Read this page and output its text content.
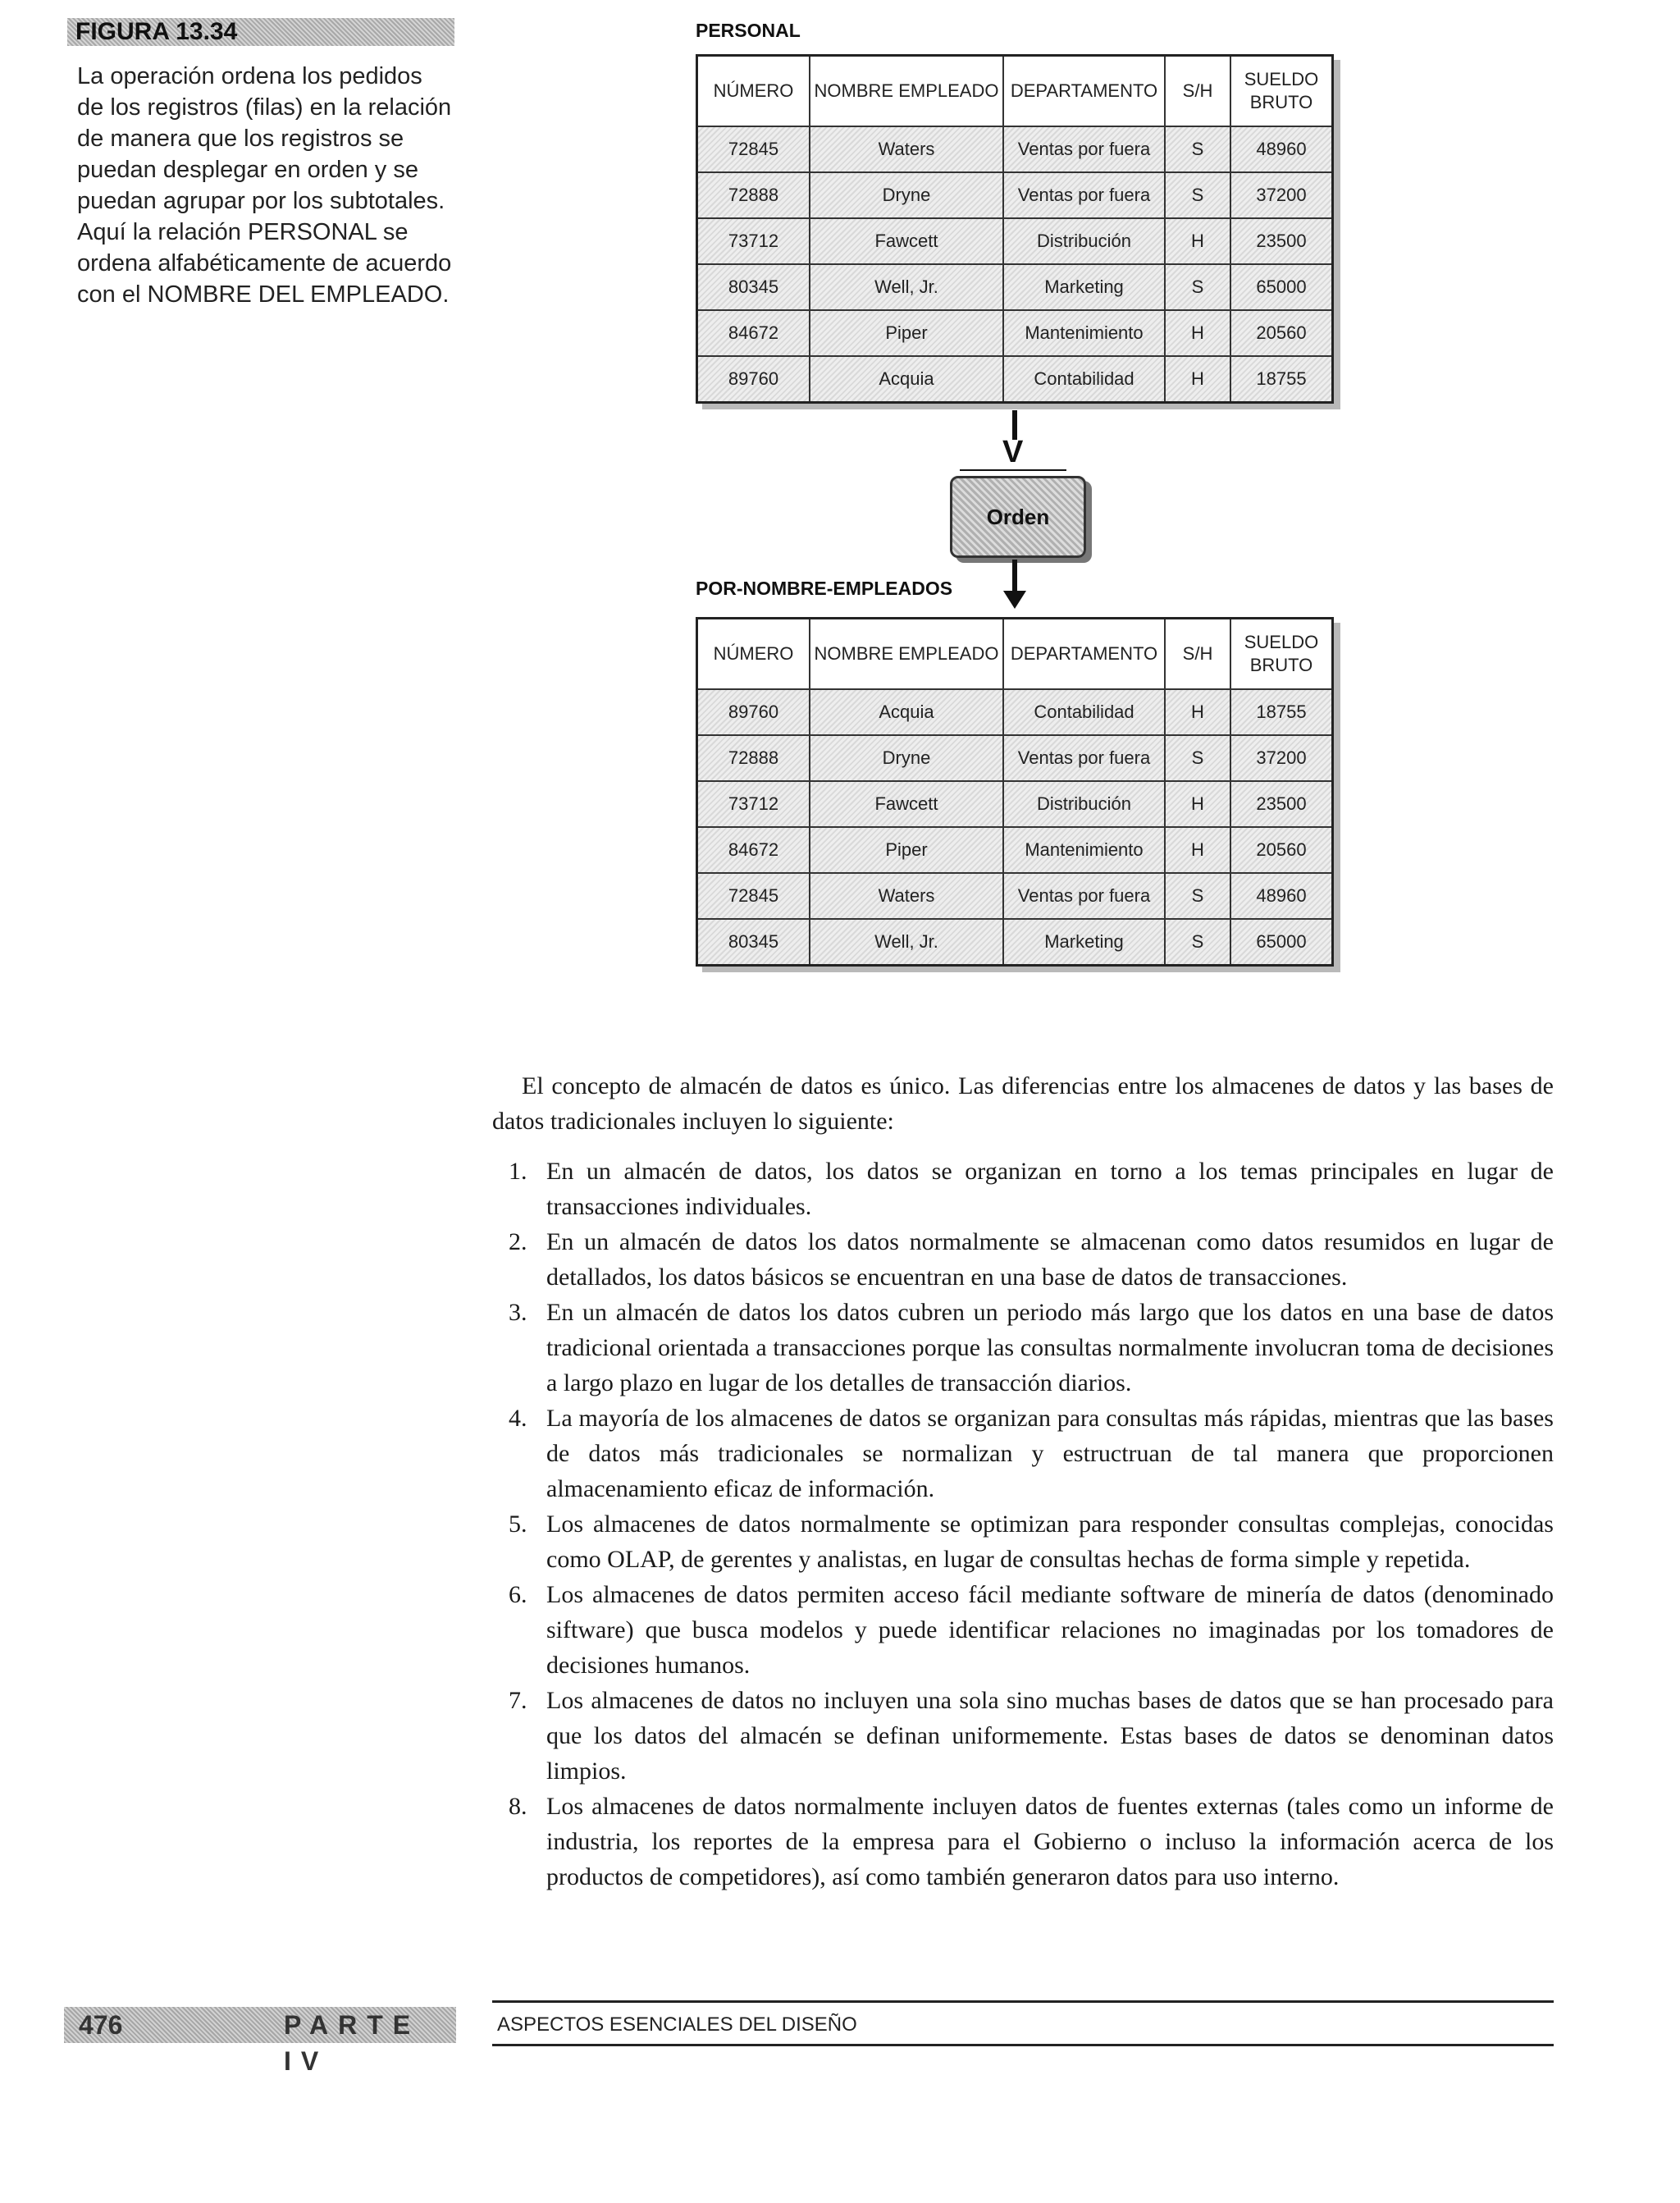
FIGURA 13.34
La operación ordena los pedidos de los registros (filas) en la relación de manera que los registros se puedan desplegar en orden y se puedan agrupar por los subtotales. Aquí la relación PERSONAL se ordena alfabéticamente de acuerdo con el NOMBRE DEL EMPLEADO.
PERSONAL
NÚMERO	NOMBRE EMPLEADO	DEPARTAMENTO	S/H	SUELDO BRUTO
72845	Waters	Ventas por fuera	S	48960
72888	Dryne	Ventas por fuera	S	37200
73712	Fawcett	Distribución	H	23500
80345	Well, Jr.	Marketing	S	65000
84672	Piper	Mantenimiento	H	20560
89760	Acquia	Contabilidad	H	18755
V
Orden
POR-NOMBRE-EMPLEADOS
NÚMERO	NOMBRE EMPLEADO	DEPARTAMENTO	S/H	SUELDO BRUTO
89760	Acquia	Contabilidad	H	18755
72888	Dryne	Ventas por fuera	S	37200
73712	Fawcett	Distribución	H	23500
84672	Piper	Mantenimiento	H	20560
72845	Waters	Ventas por fuera	S	48960
80345	Well, Jr.	Marketing	S	65000

El concepto de almacén de datos es único. Las diferencias entre los almacenes de datos y las bases de datos tradicionales incluyen lo siguiente:

1. En un almacén de datos, los datos se organizan en torno a los temas principales en lugar de transacciones individuales.
2. En un almacén de datos los datos normalmente se almacenan como datos resumidos en lugar de detallados, los datos básicos se encuentran en una base de datos de transacciones.
3. En un almacén de datos los datos cubren un periodo más largo que los datos en una base de datos tradicional orientada a transacciones porque las consultas normalmente involucran toma de decisiones a largo plazo en lugar de los detalles de transacción diarios.
4. La mayoría de los almacenes de datos se organizan para consultas más rápidas, mientras que las bases de datos más tradicionales se normalizan y estructruan de tal manera que proporcionen almacenamiento eficaz de información.
5. Los almacenes de datos normalmente se optimizan para responder consultas complejas, conocidas como OLAP, de gerentes y analistas, en lugar de consultas hechas de forma simple y repetida.
6. Los almacenes de datos permiten acceso fácil mediante software de minería de datos (denominado siftware) que busca modelos y puede identificar relaciones no imaginadas por los tomadores de decisiones humanos.
7. Los almacenes de datos no incluyen una sola sino muchas bases de datos que se han procesado para que los datos del almacén se definan uniformemente. Estas bases de datos se denominan datos limpios.
8. Los almacenes de datos normalmente incluyen datos de fuentes externas (tales como un informe de industria, los reportes de la empresa para el Gobierno o incluso la información acerca de los productos de competidores), así como también generaron datos para uso interno.
476	PARTE IV
ASPECTOS ESENCIALES DEL DISEÑO
